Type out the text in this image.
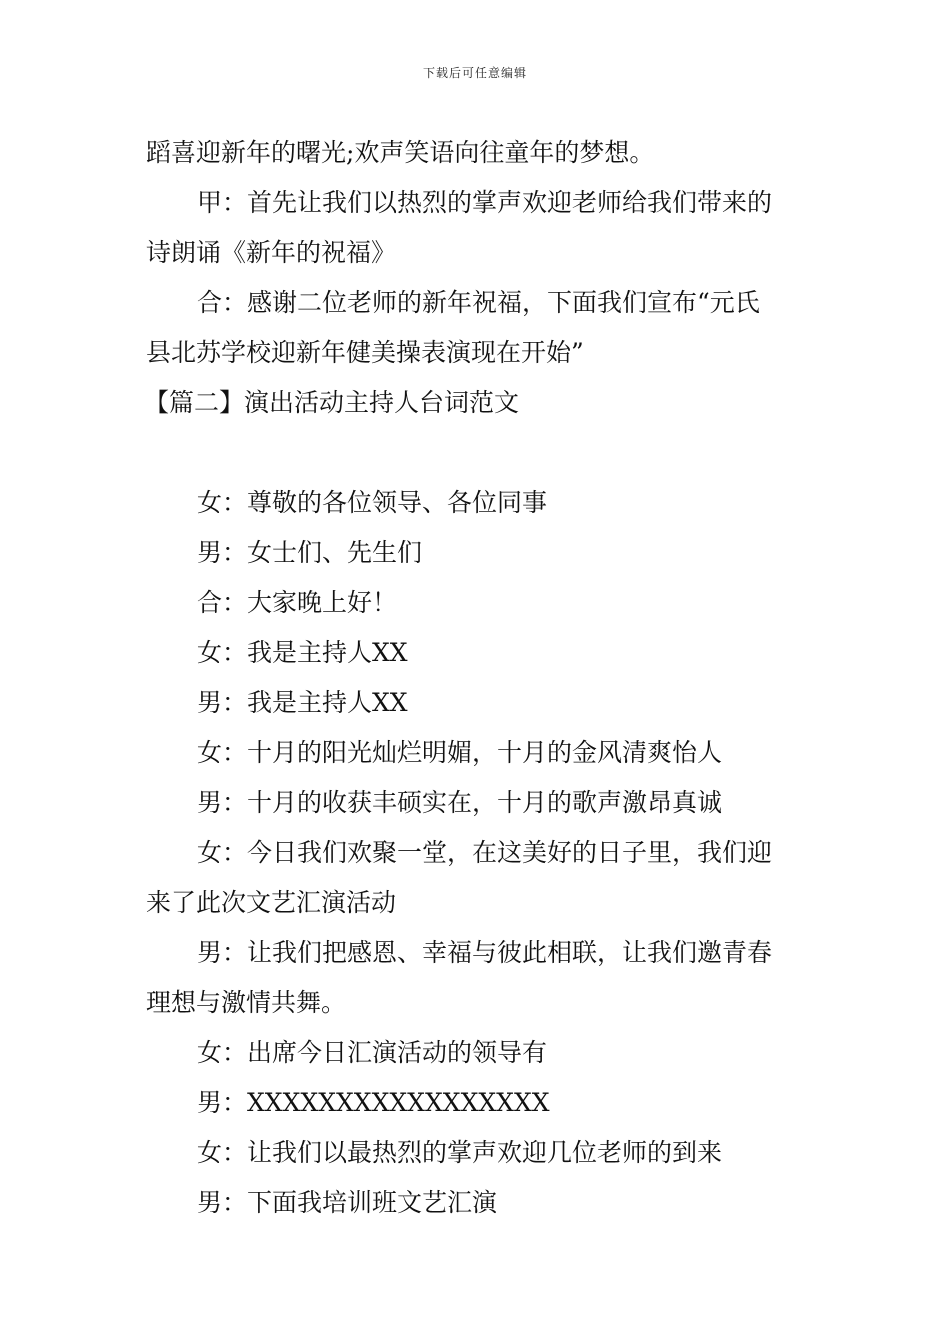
下载后可任意编辑

蹈喜迎新年的曙光;欢声笑语向往童年的梦想。

甲：首先让我们以热烈的掌声欢迎老师给我们带来的

诗朗诵《新年的祝福》

合：感谢二位老师的新年祝福，下面我们宣布“元氏

县北苏学校迎新年健美操表演现在开始”

【篇二】演出活动主持人台词范文

女：尊敬的各位领导、各位同事

男：女士们、先生们

合：大家晚上好！

女：我是主持人XX

男：我是主持人XX

女：十月的阳光灿烂明媚，十月的金风清爽怡人

男：十月的收获丰硕实在，十月的歌声激昂真诚

女：今日我们欢聚一堂，在这美好的日子里，我们迎

来了此次文艺汇演活动

男：让我们把感恩、幸福与彼此相联，让我们邀青春

理想与激情共舞。

女：出席今日汇演活动的领导有

男：XXXXXXXXXXXXXXXXX

女：让我们以最热烈的掌声欢迎几位老师的到来

男：下面我培训班文艺汇演
